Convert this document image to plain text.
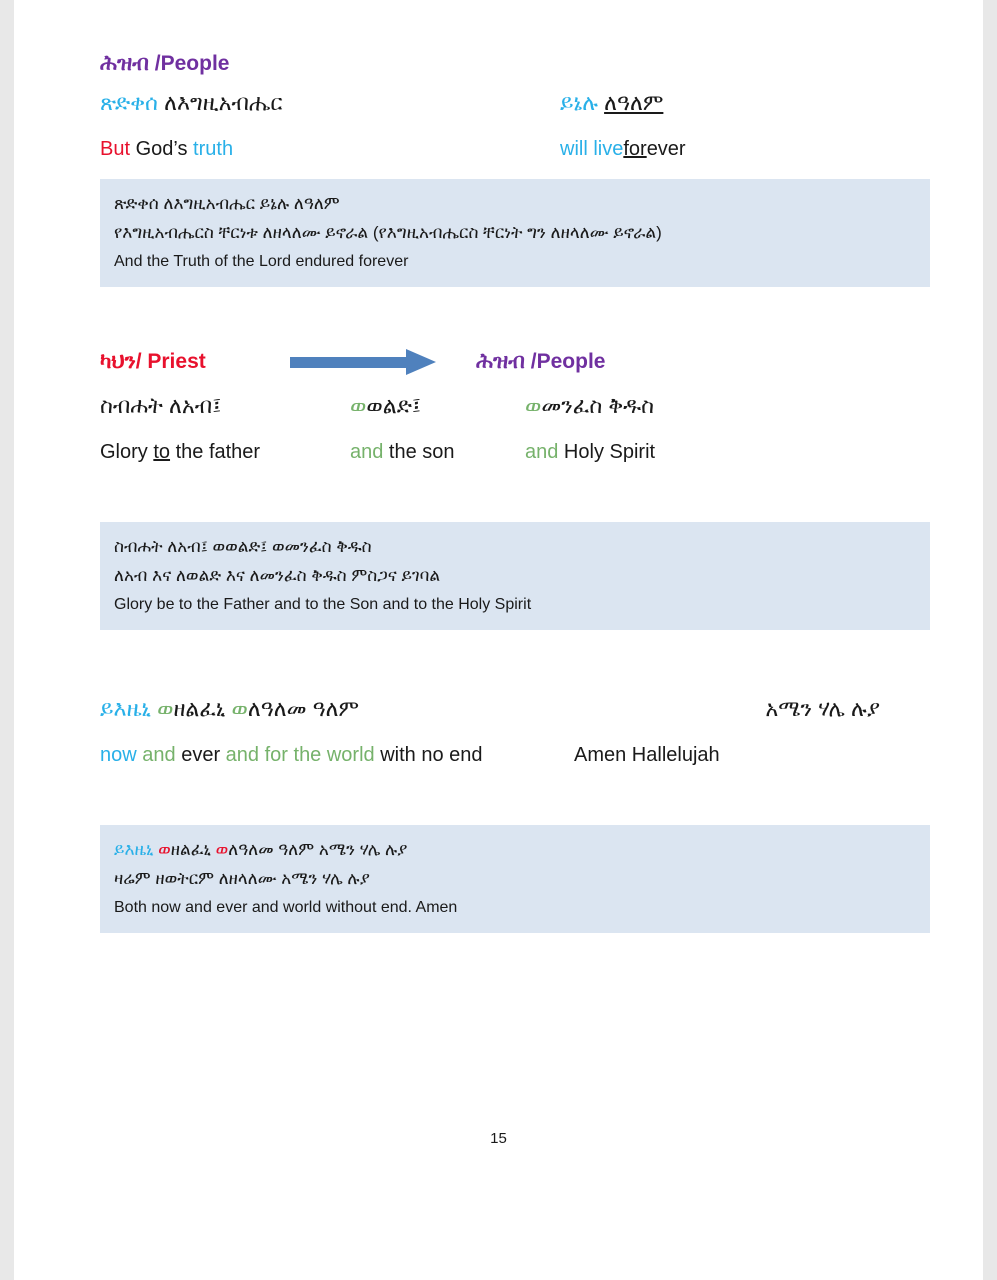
ሕዝብ /People
ጽድቀሰ ለእግዚአብሔር	ይኔሉ ለዓለም
But God’s truth	will liveforever
ጽድቀሰ ለእግዚአብሔር ይኔሉ ለዓለም
የእግዚአብሔርስ ቸርነቱ ለዘላለሙ ይኖራል (የእግዚአብሔርስ ቸርነት ግን ለዘላለሙ ይኖራል)
And the Truth of the Lord endured forever
ካህን/ Priest	ሕዝብ /People
ስብሐት ለአብ፤	ወወልድ፤	ወመንፈስ ቅዱስ
Glory to the father	and the son	and Holy Spirit
ስብሐት ለአብ፤ ወወልድ፤ ወመንፈስ ቅዱስ
ለአብ እና ለወልድ እና ለመንፈስ ቅዱስ ምስጋና ይገባል
Glory be to the Father and to the Son and to the Holy Spirit
ይእዜኒ ወዘልፈኒ ወለዓለመ ዓለም	አሜን ሃሌ ሉያ
now and ever and for the world with no end	Amen Hallelujah
ይእዜኒ ወዘልፈኒ ወለዓለመ ዓለም አሜን ሃሌ ሉያ
ዛሬም ዘወትርም ለዘላለሙ አሜን ሃሌ ሉያ
Both now and ever and world without end. Amen
15
